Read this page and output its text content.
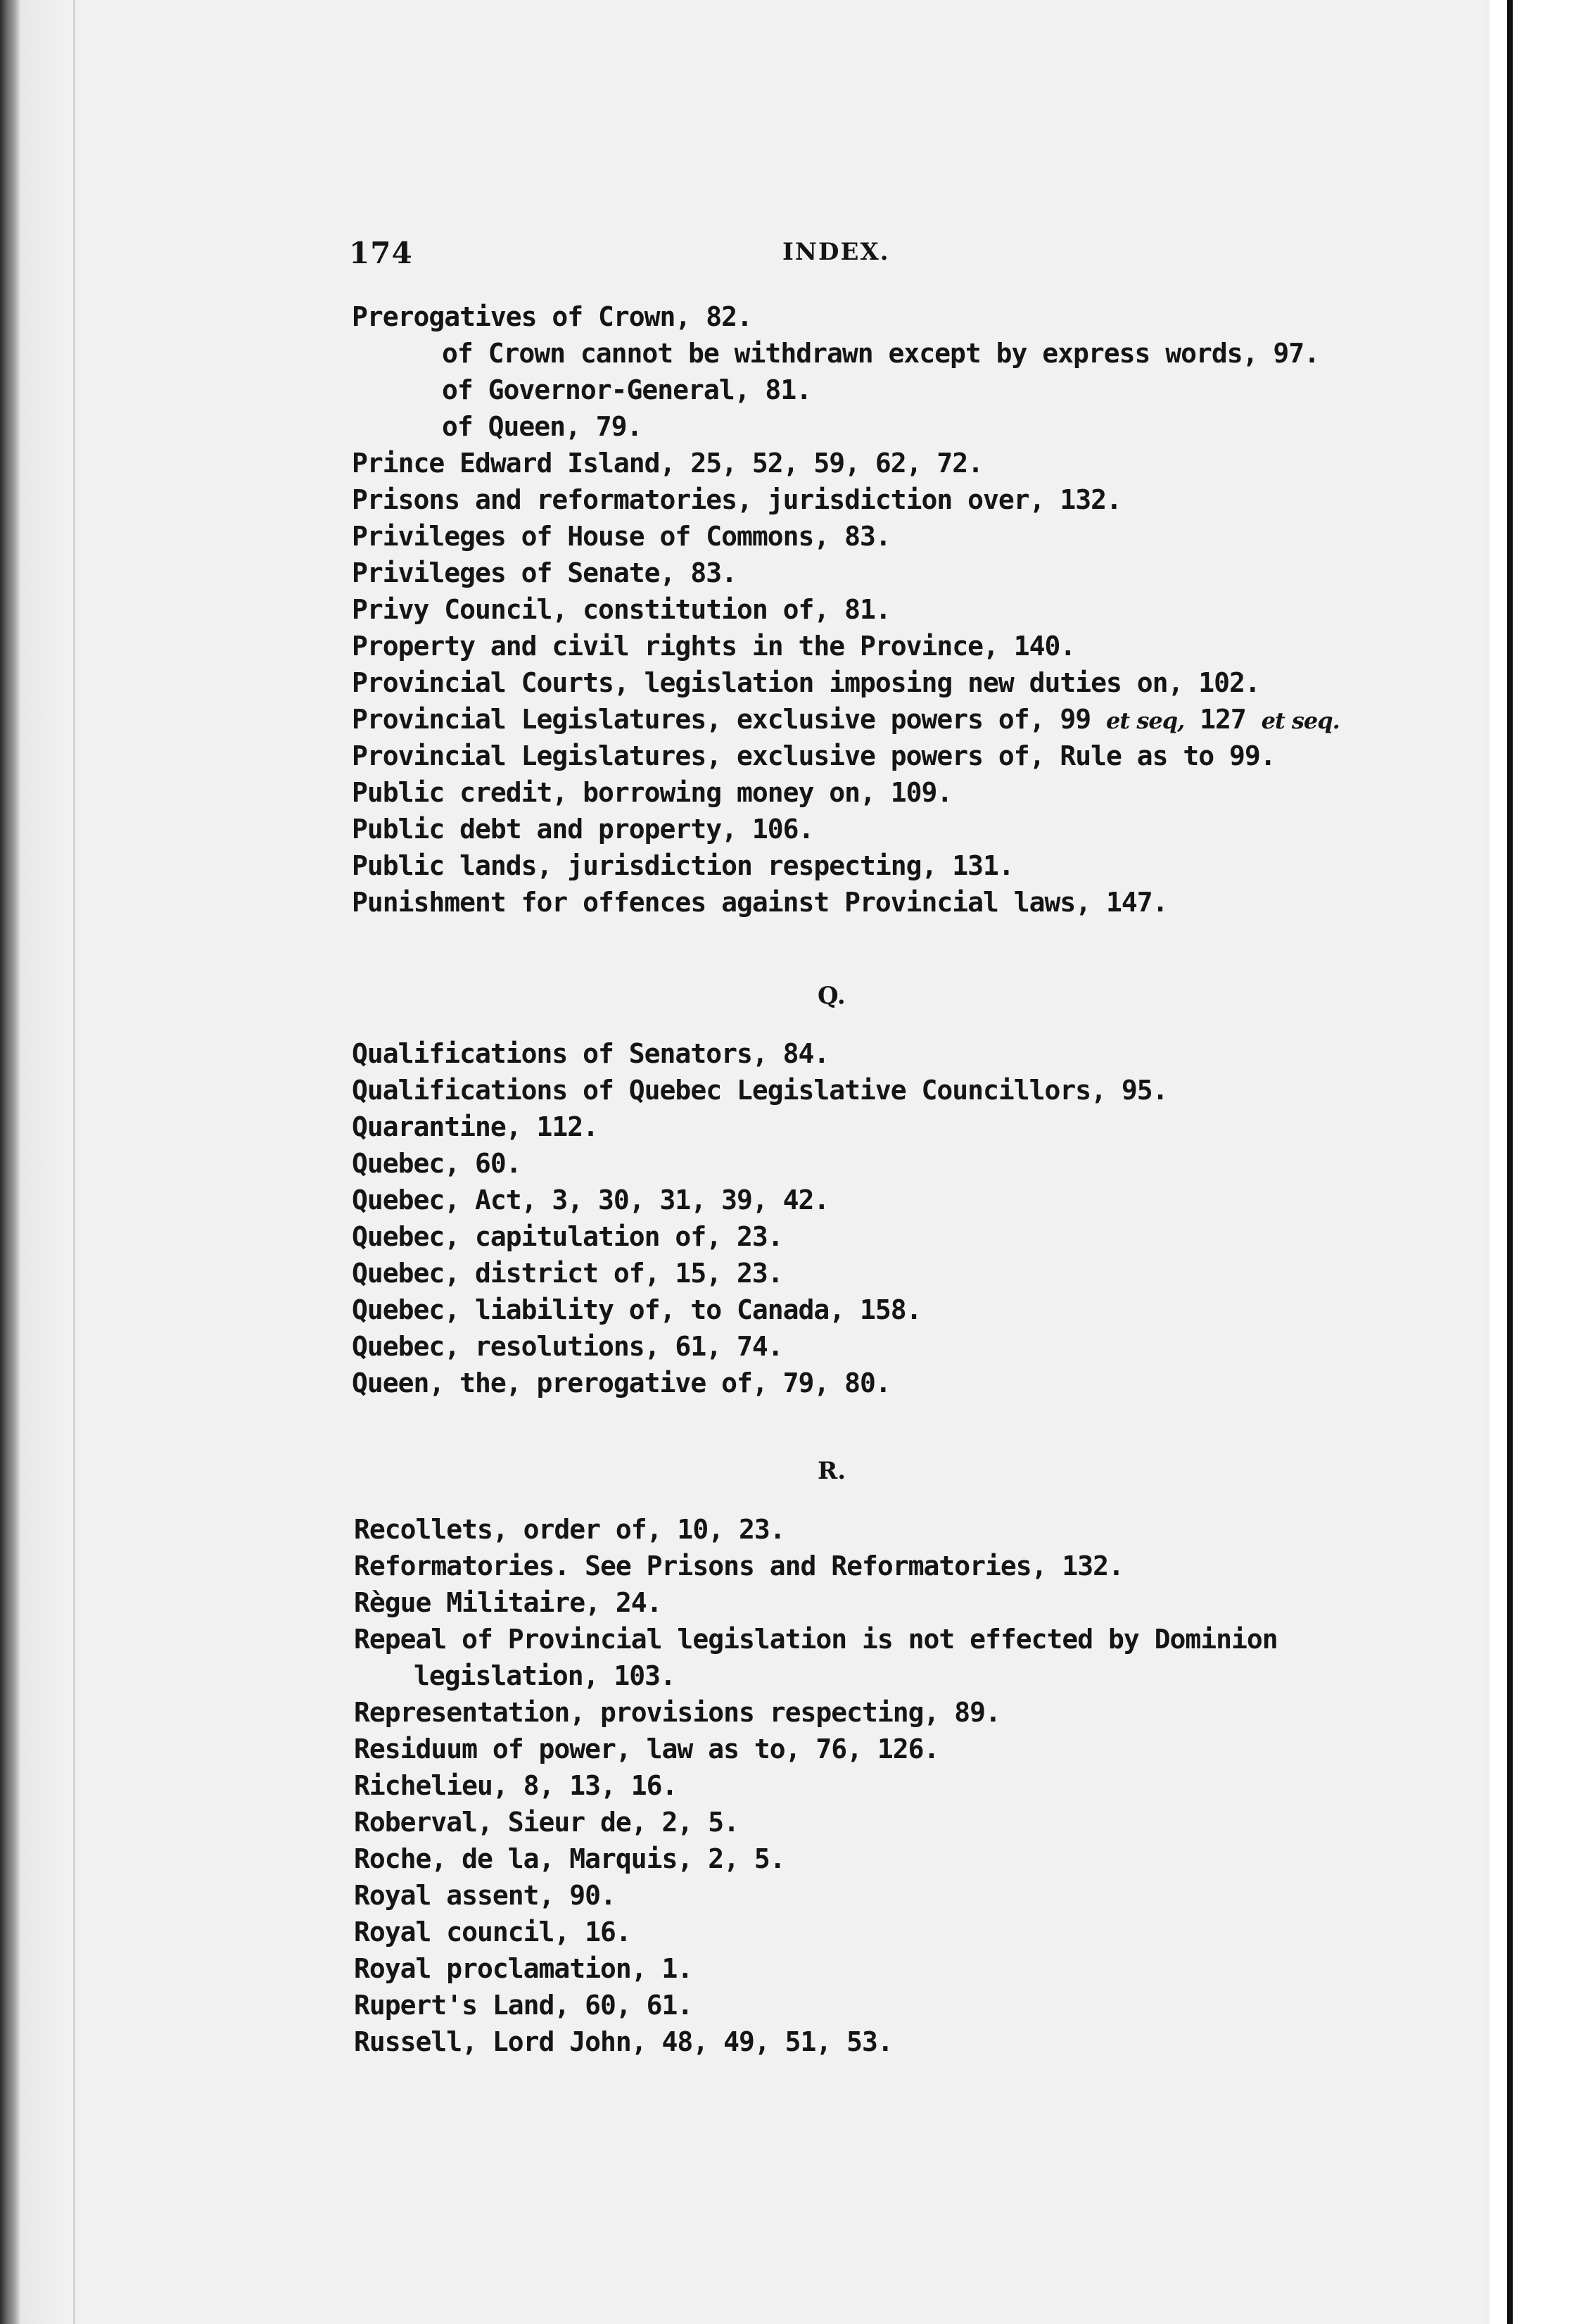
174	INDEX.
Prerogatives of Crown, 82.
of Crown cannot be withdrawn except by express words, 97.
of Governor-General, 81.
of Queen, 79.
Prince Edward Island, 25, 52, 59, 62, 72.
Prisons and reformatories, jurisdiction over, 132.
Privileges of House of Commons, 83.
Privileges of Senate, 83.
Privy Council, constitution of, 81.
Property and civil rights in the Province, 140.
Provincial Courts, legislation imposing new duties on, 102.
Provincial Legislatures, exclusive powers of, 99 et seq, 127 et seq.
Provincial Legislatures, exclusive powers of, Rule as to 99.
Public credit, borrowing money on, 109.
Public debt and property, 106.
Public lands, jurisdiction respecting, 131.
Punishment for offences against Provincial laws, 147.
Q.
Qualifications of Senators, 84.
Qualifications of Quebec Legislative Councillors, 95.
Quarantine, 112.
Quebec, 60.
Quebec, Act, 3, 30, 31, 39, 42.
Quebec, capitulation of, 23.
Quebec, district of, 15, 23.
Quebec, liability of, to Canada, 158.
Quebec, resolutions, 61, 74.
Queen, the, prerogative of, 79, 80.
R.
Recollets, order of, 10, 23.
Reformatories. See Prisons and Reformatories, 132.
Règue Militaire, 24.
Repeal of Provincial legislation is not effected by Dominion
legislation, 103.
Representation, provisions respecting, 89.
Residuum of power, law as to, 76, 126.
Richelieu, 8, 13, 16.
Roberval, Sieur de, 2, 5.
Roche, de la, Marquis, 2, 5.
Royal assent, 90.
Royal council, 16.
Royal proclamation, 1.
Rupert's Land, 60, 61.
Russell, Lord John, 48, 49, 51, 53.
